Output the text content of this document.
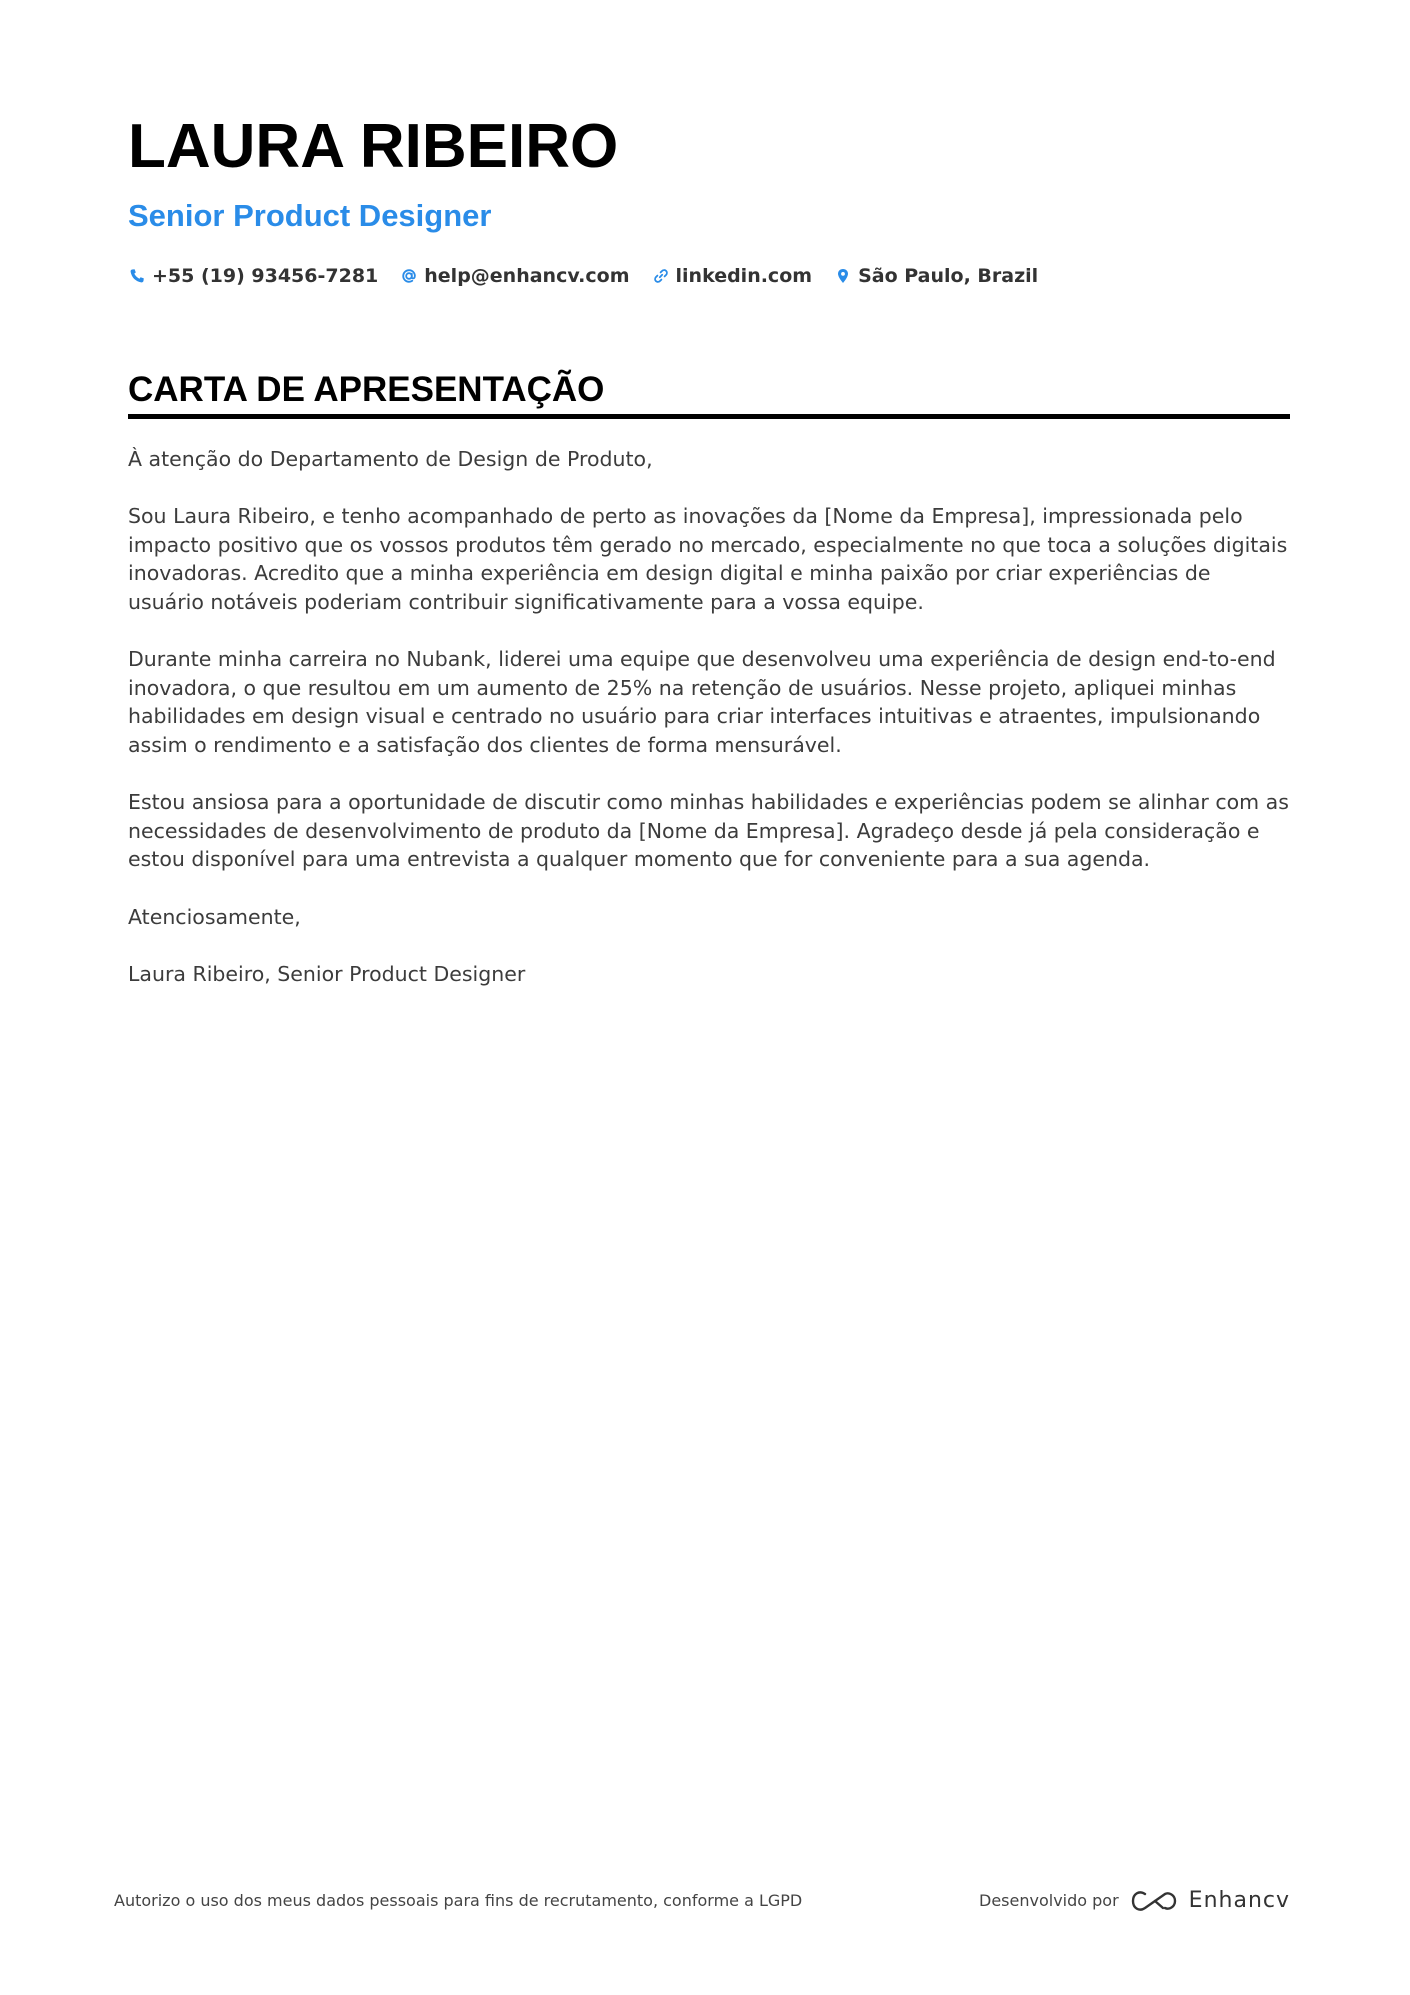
LAURA RIBEIRO
Senior Product Designer
+55 (19) 93456-7281 help@enhancv.com linkedin.com São Paulo, Brazil
CARTA DE APRESENTAÇÃO

À atenção do Departamento de Design de Produto,

Sou Laura Ribeiro, e tenho acompanhado de perto as inovações da [Nome da Empresa], impressionada pelo impacto positivo que os vossos produtos têm gerado no mercado, especialmente no que toca a soluções digitais inovadoras. Acredito que a minha experiência em design digital e minha paixão por criar experiências de usuário notáveis poderiam contribuir significativamente para a vossa equipe.

Durante minha carreira no Nubank, liderei uma equipe que desenvolveu uma experiência de design end-to-end inovadora, o que resultou em um aumento de 25% na retenção de usuários. Nesse projeto, apliquei minhas habilidades em design visual e centrado no usuário para criar interfaces intuitivas e atraentes, impulsionando assim o rendimento e a satisfação dos clientes de forma mensurável.

Estou ansiosa para a oportunidade de discutir como minhas habilidades e experiências podem se alinhar com as necessidades de desenvolvimento de produto da [Nome da Empresa]. Agradeço desde já pela consideração e estou disponível para uma entrevista a qualquer momento que for conveniente para a sua agenda.

Atenciosamente,

Laura Ribeiro, Senior Product Designer

Autorizo o uso dos meus dados pessoais para fins de recrutamento, conforme a LGPD	Desenvolvido por	Enhancv
